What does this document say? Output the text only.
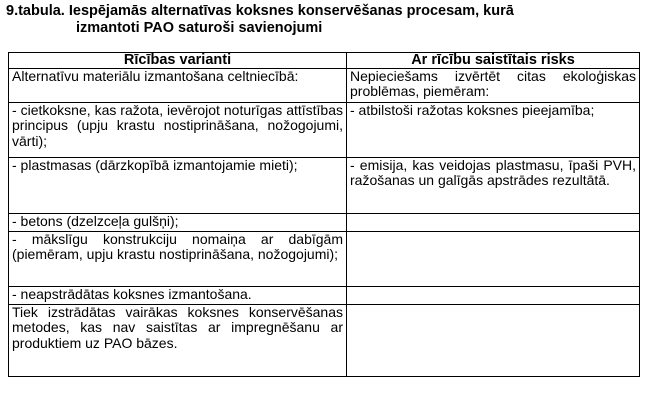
9.tabula. Iespējamās alternatīvas koksnes konservēšanas procesam, kurā
izmantoti PAO saturoši savienojumi
Rīcības varianti	Ar rīcību saistītais risks
Alternatīvu materiālu izmantošana celtniecībā:	Nepieciešams izvērtēt citas ekoloģiskas problēmas, piemēram:
- cietkoksne, kas ražota, ievērojot noturīgas attīstības principus (upju krastu nostiprināšana, nožogojumi, vārti);	- atbilstoši ražotas koksnes pieejamība;
- plastmasas (dārzkopībā izmantojamie mieti);	- emisija, kas veidojas plastmasu, īpaši PVH, ražošanas un galīgās apstrādes rezultātā.
- betons (dzelzceļa gulšņi);	
- mākslīgu konstrukciju nomaiņa ar dabīgām (piemēram, upju krastu nostiprināšana, nožogojumi);	
- neapstrādātas koksnes izmantošana.	
Tiek izstrādātas vairākas koksnes konservēšanas metodes, kas nav saistītas ar impregnēšanu ar produktiem uz PAO bāzes.	
